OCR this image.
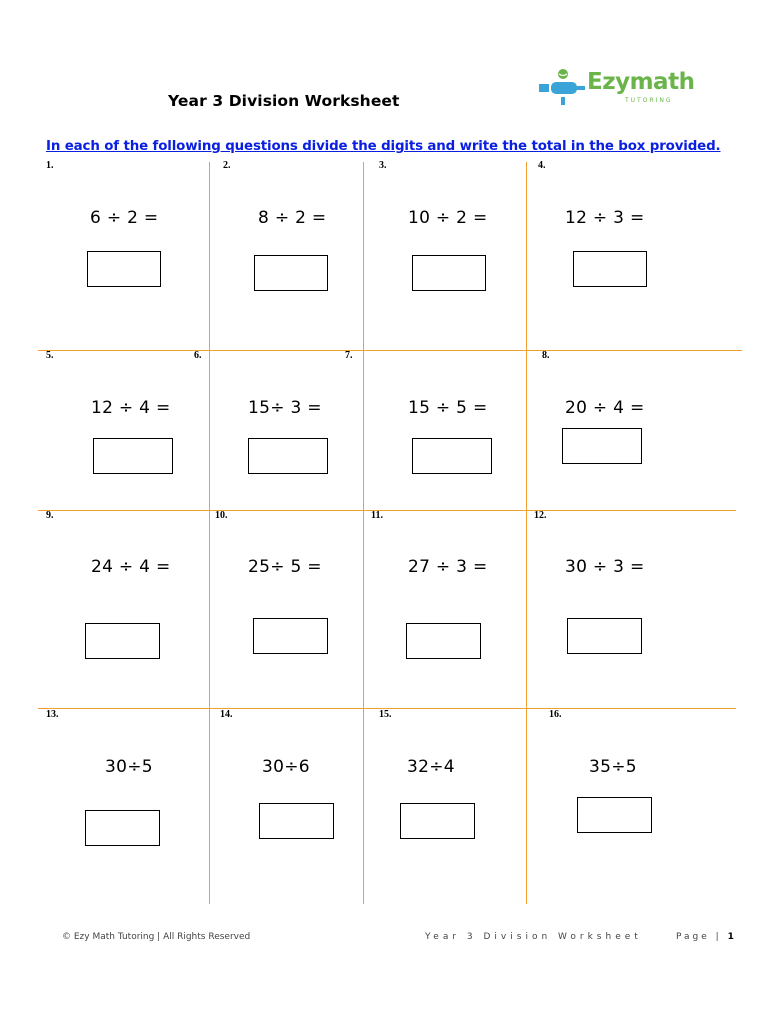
Year 3 Division Worksheet
Ezymath
TUTORING
In each of the following questions divide the digits and write the total in the box provided.
1.	2.	3.	4.
6 ÷ 2 =	8 ÷ 2 =	10 ÷ 2 =	12 ÷ 3 =
5.	6.	7.	8.
12 ÷ 4 =	15÷ 3 =	15 ÷ 5 =	20 ÷ 4 =
9.	10.	11.	12.
24 ÷ 4 =	25÷ 5 =	27 ÷ 3 =	30 ÷ 3 =
13.	14.	15.	16.
30÷5	30÷6	32÷4	35÷5
© Ezy Math Tutoring | All Rights Reserved	Year 3 Division Worksheet	Page | 1
